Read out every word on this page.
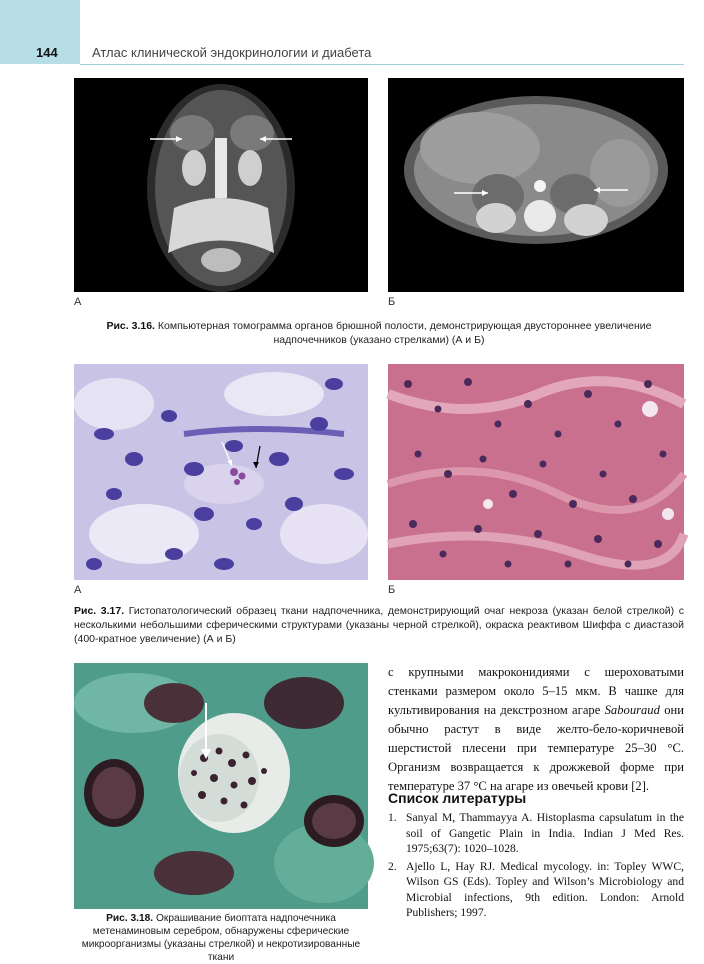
144	Атлас клинической эндокринологии и диабета
А	Б
Рис. 3.16. Компьютерная томограмма органов брюшной полости, демонстрирующая двустороннее увеличение надпочечников (указано стрелками) (А и Б)
А	Б
Рис. 3.17. Гистопатологический образец ткани надпочечника, демонстрирующий очаг некроза (указан белой стрелкой) с несколькими небольшими сферическими структурами (указаны черной стрелкой), окраска реактивом Шиффа с диастазой (400-кратное увеличение) (А и Б)
Рис. 3.18. Окрашивание биоптата надпочечника метенаминовым серебром, обнаружены сферические микроорганизмы (указаны стрелкой) и некротизированные ткани
с крупными макроконидиями с шероховатыми стенками размером около 5–15 мкм. В чашке для культивирования на декстрозном агаре Sabouraud они обычно растут в виде желто-бело-коричневой шерстистой плесени при температуре 25–30 °C. Организм возвращается к дрожжевой форме при температуре 37 °C на агаре из овечьей крови [2].
Список литературы
1. Sanyal M, Thammayya A. Histoplasma capsulatum in the soil of Gangetic Plain in India. Indian J Med Res. 1975;63(7): 1020–1028.
2. Ajello L, Hay RJ. Medical mycology. in: Topley WWC, Wilson GS (Eds). Topley and Wilson’s Microbiology and Microbial infections, 9th edition. London: Arnold Publishers; 1997.
